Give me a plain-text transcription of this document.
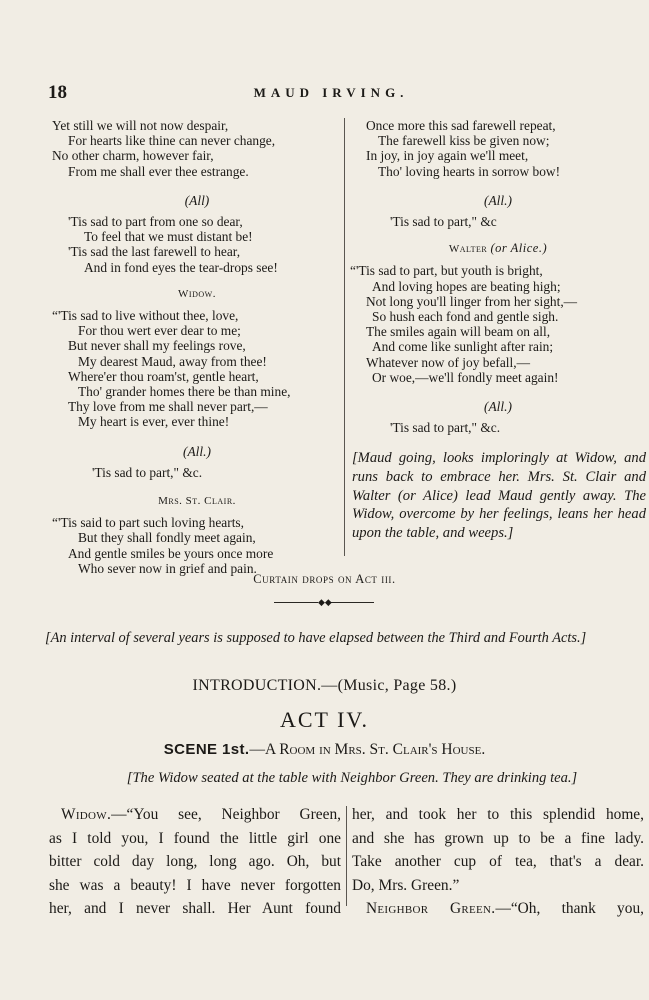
18	MAUD IRVING.
Yet still we will not now despair,
For hearts like thine can never change,
No other charm, however fair,
From me shall ever thee estrange.
(All)
'Tis sad to part from one so dear,
To feel that we must distant be!
'Tis sad the last farewell to hear,
And in fond eyes the tear-drops see!
Widow.
“'Tis sad to live without thee, love,
For thou wert ever dear to me;
But never shall my feelings rove,
My dearest Maud, away from thee!
Where'er thou roam'st, gentle heart,
Tho' grander homes there be than mine,
Thy love from me shall never part,—
My heart is ever, ever thine!
(All.)
'Tis sad to part," &c.
Mrs. St. Clair.
“'Tis said to part such loving hearts,
But they shall fondly meet again,
And gentle smiles be yours once more
Who sever now in grief and pain.
Once more this sad farewell repeat,
The farewell kiss be given now;
In joy, in joy again we'll meet,
Tho' loving hearts in sorrow bow!
(All.)
'Tis sad to part," &c
Walter (or Alice.)
“'Tis sad to part, but youth is bright,
And loving hopes are beating high;
Not long you'll linger from her sight,—
So hush each fond and gentle sigh.
The smiles again will beam on all,
And come like sunlight after rain;
Whatever now of joy befall,—
Or woe,—we'll fondly meet again!
(All.)
'Tis sad to part," &c.
[Maud going, looks imploringly at Widow, and runs back to embrace her. Mrs. St. Clair and Walter (or Alice) lead Maud gently away. The Widow, overcome by her feelings, leans her head upon the table, and weeps.]
Curtain drops on Act iii.
◆◆
[An interval of several years is supposed to have elapsed between the Third and Fourth Acts.]
INTRODUCTION.—(Music, Page 58.)
ACT IV.
SCENE 1st.—A Room in Mrs. St. Clair's House.
[The Widow seated at the table with Neighbor Green. They are drinking tea.]
Widow.—“You see, Neighbor Green,
as I told you, I found the little girl one
bitter cold day long, long ago. Oh, but
she was a beauty! I have never forgotten
her, and I never shall. Her Aunt found
her, and took her to this splendid home,
and she has grown up to be a fine lady.
Take another cup of tea, that's a dear.
Do, Mrs. Green.”
Neighbor Green.—“Oh, thank you,
